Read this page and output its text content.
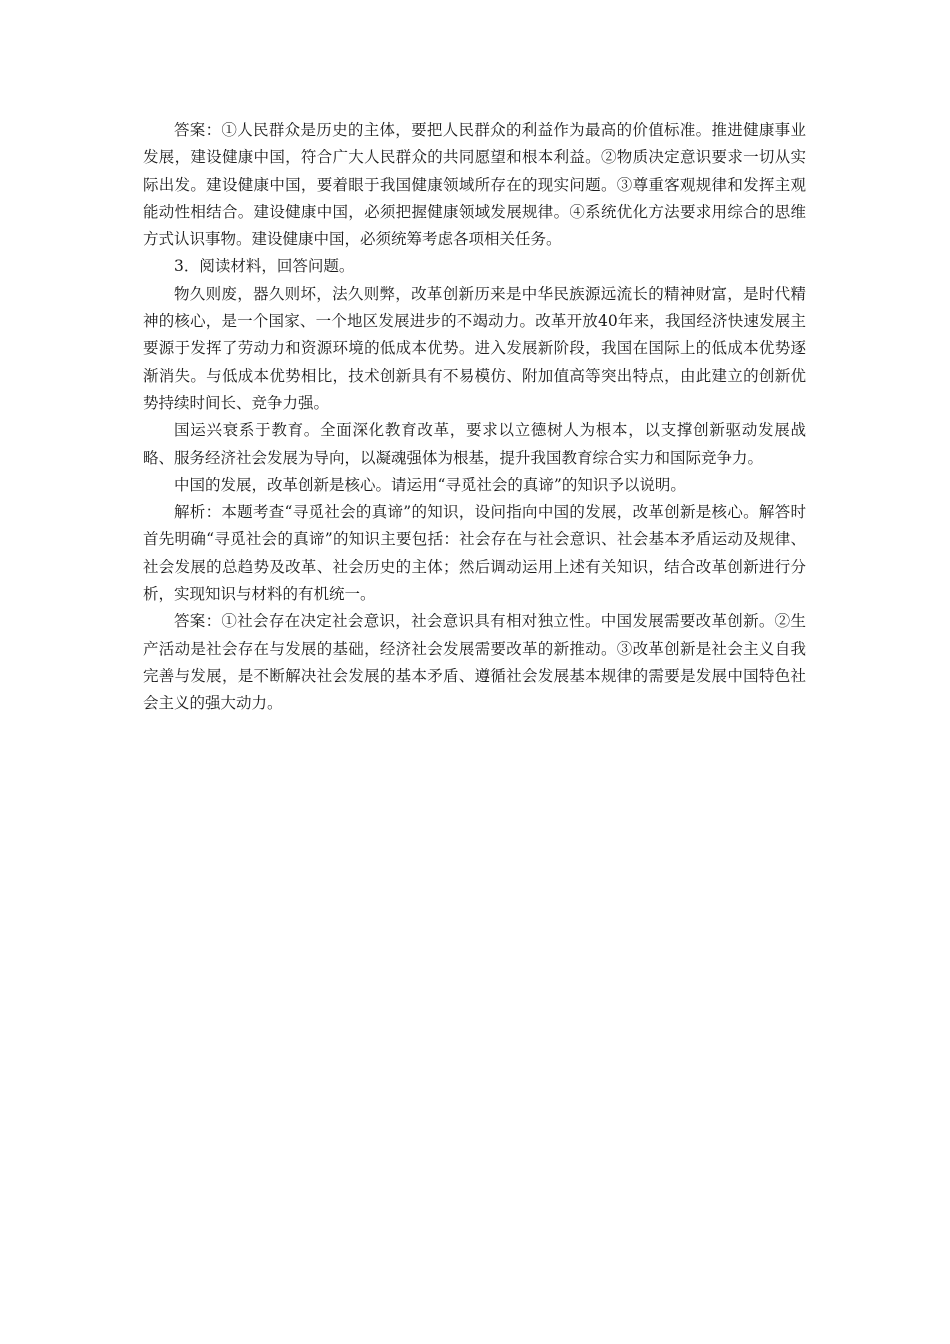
答案：①人民群众是历史的主体，要把人民群众的利益作为最高的价值标准。推进健康事业发展，建设健康中国，符合广大人民群众的共同愿望和根本利益。②物质决定意识要求一切从实际出发。建设健康中国，要着眼于我国健康领域所存在的现实问题。③尊重客观规律和发挥主观能动性相结合。建设健康中国，必须把握健康领域发展规律。④系统优化方法要求用综合的思维方式认识事物。建设健康中国，必须统筹考虑各项相关任务。

3．阅读材料，回答问题。

物久则废，器久则坏，法久则弊，改革创新历来是中华民族源远流长的精神财富，是时代精神的核心，是一个国家、一个地区发展进步的不竭动力。改革开放40年来，我国经济快速发展主要源于发挥了劳动力和资源环境的低成本优势。进入发展新阶段，我国在国际上的低成本优势逐渐消失。与低成本优势相比，技术创新具有不易模仿、附加值高等突出特点，由此建立的创新优势持续时间长、竞争力强。

国运兴衰系于教育。全面深化教育改革，要求以立德树人为根本，以支撑创新驱动发展战略、服务经济社会发展为导向，以凝魂强体为根基，提升我国教育综合实力和国际竞争力。

中国的发展，改革创新是核心。请运用“寻觅社会的真谛”的知识予以说明。

解析：本题考查“寻觅社会的真谛”的知识，设问指向中国的发展，改革创新是核心。解答时首先明确“寻觅社会的真谛”的知识主要包括：社会存在与社会意识、社会基本矛盾运动及规律、社会发展的总趋势及改革、社会历史的主体；然后调动运用上述有关知识，结合改革创新进行分析，实现知识与材料的有机统一。

答案：①社会存在决定社会意识，社会意识具有相对独立性。中国发展需要改革创新。②生产活动是社会存在与发展的基础，经济社会发展需要改革的新推动。③改革创新是社会主义自我完善与发展，是不断解决社会发展的基本矛盾、遵循社会发展基本规律的需要是发展中国特色社会主义的强大动力。
